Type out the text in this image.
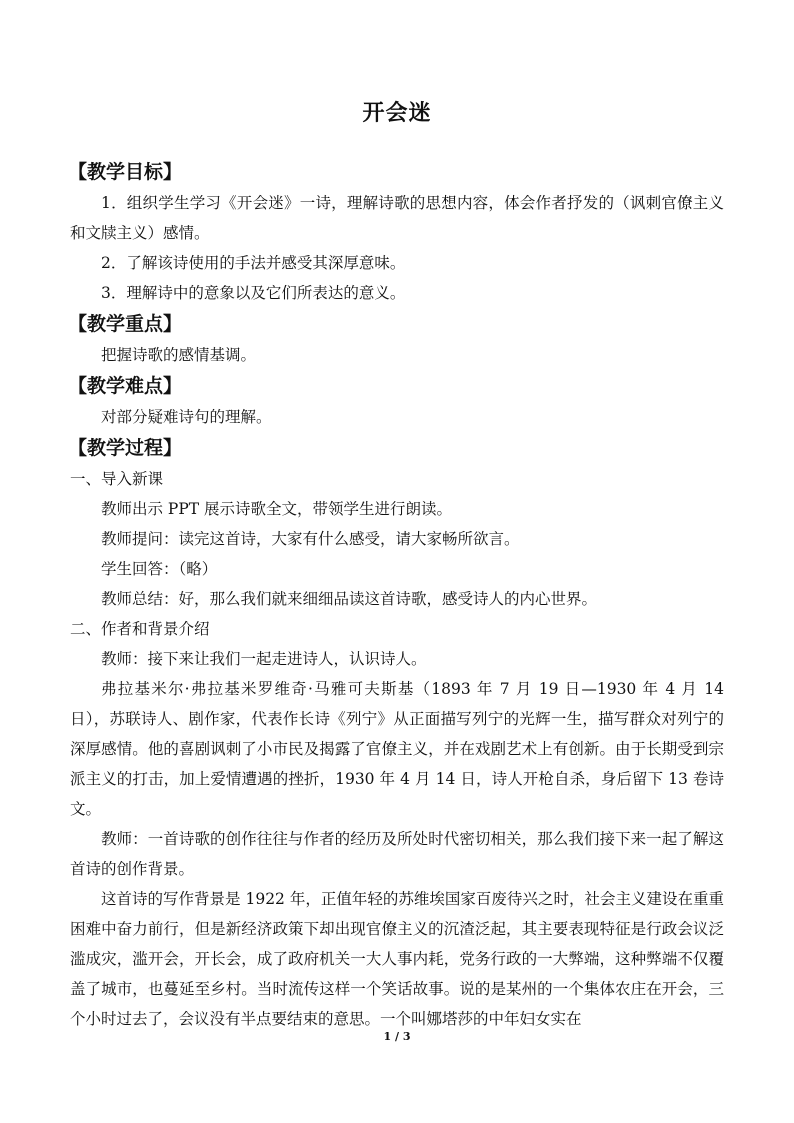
开会迷
【教学目标】
1．组织学生学习《开会迷》一诗，理解诗歌的思想内容，体会作者抒发的（讽刺官僚主义和文牍主义）感情。
2．了解该诗使用的手法并感受其深厚意味。
3．理解诗中的意象以及它们所表达的意义。
【教学重点】
把握诗歌的感情基调。
【教学难点】
对部分疑难诗句的理解。
【教学过程】
一、导入新课
教师出示 PPT 展示诗歌全文，带领学生进行朗读。
教师提问：读完这首诗，大家有什么感受，请大家畅所欲言。
学生回答：（略）
教师总结：好，那么我们就来细细品读这首诗歌，感受诗人的内心世界。
二、作者和背景介绍
教师：接下来让我们一起走进诗人，认识诗人。
弗拉基米尔·弗拉基米罗维奇·马雅可夫斯基（1893 年 7 月 19 日—1930 年 4 月 14 日），苏联诗人、剧作家，代表作长诗《列宁》从正面描写列宁的光辉一生，描写群众对列宁的深厚感情。他的喜剧讽刺了小市民及揭露了官僚主义，并在戏剧艺术上有创新。由于长期受到宗派主义的打击，加上爱情遭遇的挫折，1930 年 4 月 14 日，诗人开枪自杀，身后留下 13 卷诗文。
教师：一首诗歌的创作往往与作者的经历及所处时代密切相关，那么我们接下来一起了解这首诗的创作背景。
这首诗的写作背景是 1922 年，正值年轻的苏维埃国家百废待兴之时，社会主义建设在重重困难中奋力前行，但是新经济政策下却出现官僚主义的沉渣泛起，其主要表现特征是行政会议泛滥成灾，滥开会，开长会，成了政府机关一大人事内耗，党务行政的一大弊端，这种弊端不仅覆盖了城市，也蔓延至乡村。当时流传这样一个笑话故事。说的是某州的一个集体农庄在开会，三个小时过去了，会议没有半点要结束的意思。一个叫娜塔莎的中年妇女实在
1 / 3
